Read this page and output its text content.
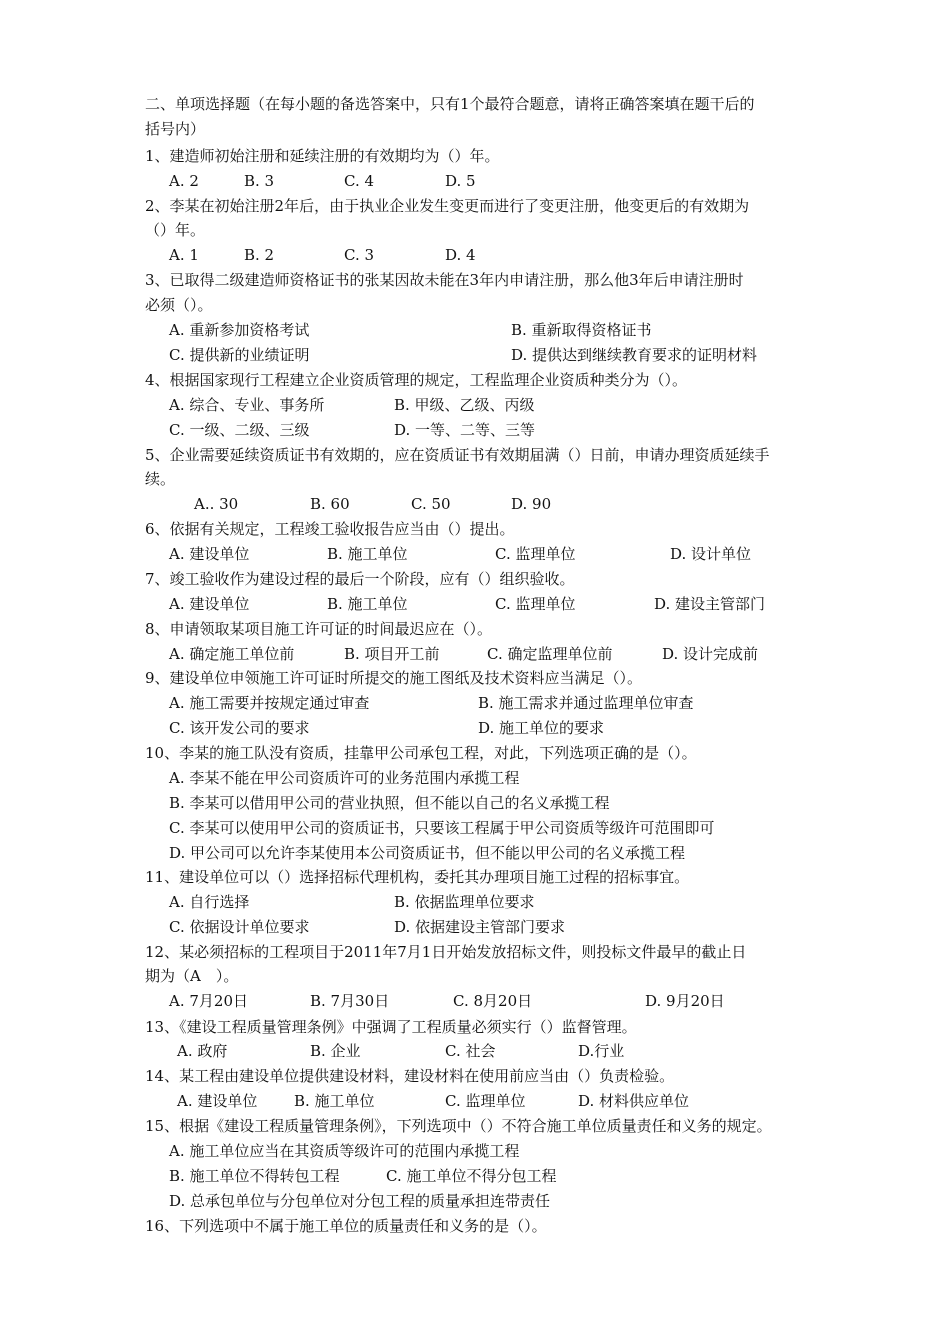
二、单项选择题（在每小题的备选答案中，只有1个最符合题意，请将正确答案填在题干后的
括号内）
1、建造师初始注册和延续注册的有效期均为（）年。
2、李某在初始注册2年后，由于执业企业发生变更而进行了变更注册，他变更后的有效期为
（）年。
3、已取得二级建造师资格证书的张某因故未能在3年内申请注册，那么他3年后申请注册时
必须（）。
4、根据国家现行工程建立企业资质管理的规定，工程监理企业资质种类分为（）。
5、企业需要延续资质证书有效期的，应在资质证书有效期届满（）日前，申请办理资质延续手
续。
6、依据有关规定，工程竣工验收报告应当由（）提出。
7、竣工验收作为建设过程的最后一个阶段，应有（）组织验收。
8、申请领取某项目施工许可证的时间最迟应在（）。
9、建设单位申领施工许可证时所提交的施工图纸及技术资料应当满足（）。
10、李某的施工队没有资质，挂靠甲公司承包工程，对此，下列选项正确的是（）。
11、建设单位可以（）选择招标代理机构，委托其办理项目施工过程的招标事宜。
12、某必须招标的工程项目于2011年7月1日开始发放招标文件，则投标文件最早的截止日
期为（A　）。
13、《建设工程质量管理条例》中强调了工程质量必须实行（）监督管理。
14、某工程由建设单位提供建设材料，建设材料在使用前应当由（）负责检验。
15、根据《建设工程质量管理条例》，下列选项中（）不符合施工单位质量责任和义务的规定。
16、下列选项中不属于施工单位的质量责任和义务的是（）。
A. 2	B. 3	C. 4	D. 5
A. 1	B. 2	C. 3	D. 4
A. 重新参加资格考试	B. 重新取得资格证书
C. 提供新的业绩证明	D. 提供达到继续教育要求的证明材料
A. 综合、专业、事务所	B. 甲级、乙级、丙级
C. 一级、二级、三级	D. 一等、二等、三等
A.. 30	B. 60	C. 50	D. 90
A. 建设单位	B. 施工单位	C. 监理单位	D. 设计单位
A. 建设单位	B. 施工单位	C. 监理单位	D. 建设主管部门
A. 确定施工单位前	B. 项目开工前	C. 确定监理单位前	D. 设计完成前
A. 施工需要并按规定通过审查	B. 施工需求并通过监理单位审查
C. 该开发公司的要求	D. 施工单位的要求
A. 李某不能在甲公司资质许可的业务范围内承揽工程
B. 李某可以借用甲公司的营业执照，但不能以自己的名义承揽工程
C. 李某可以使用甲公司的资质证书，只要该工程属于甲公司资质等级许可范围即可
D. 甲公司可以允许李某使用本公司资质证书，但不能以甲公司的名义承揽工程
A. 自行选择	B. 依据监理单位要求
C. 依据设计单位要求	D. 依据建设主管部门要求
A. 7月20日	B. 7月30日	C. 8月20日	D. 9月20日
A. 政府	B. 企业	C. 社会	D.行业
A. 建设单位 B. 施工单位	C. 监理单位	D. 材料供应单位
A. 施工单位应当在其资质等级许可的范围内承揽工程
B. 施工单位不得转包工程	C. 施工单位不得分包工程
D. 总承包单位与分包单位对分包工程的质量承担连带责任
